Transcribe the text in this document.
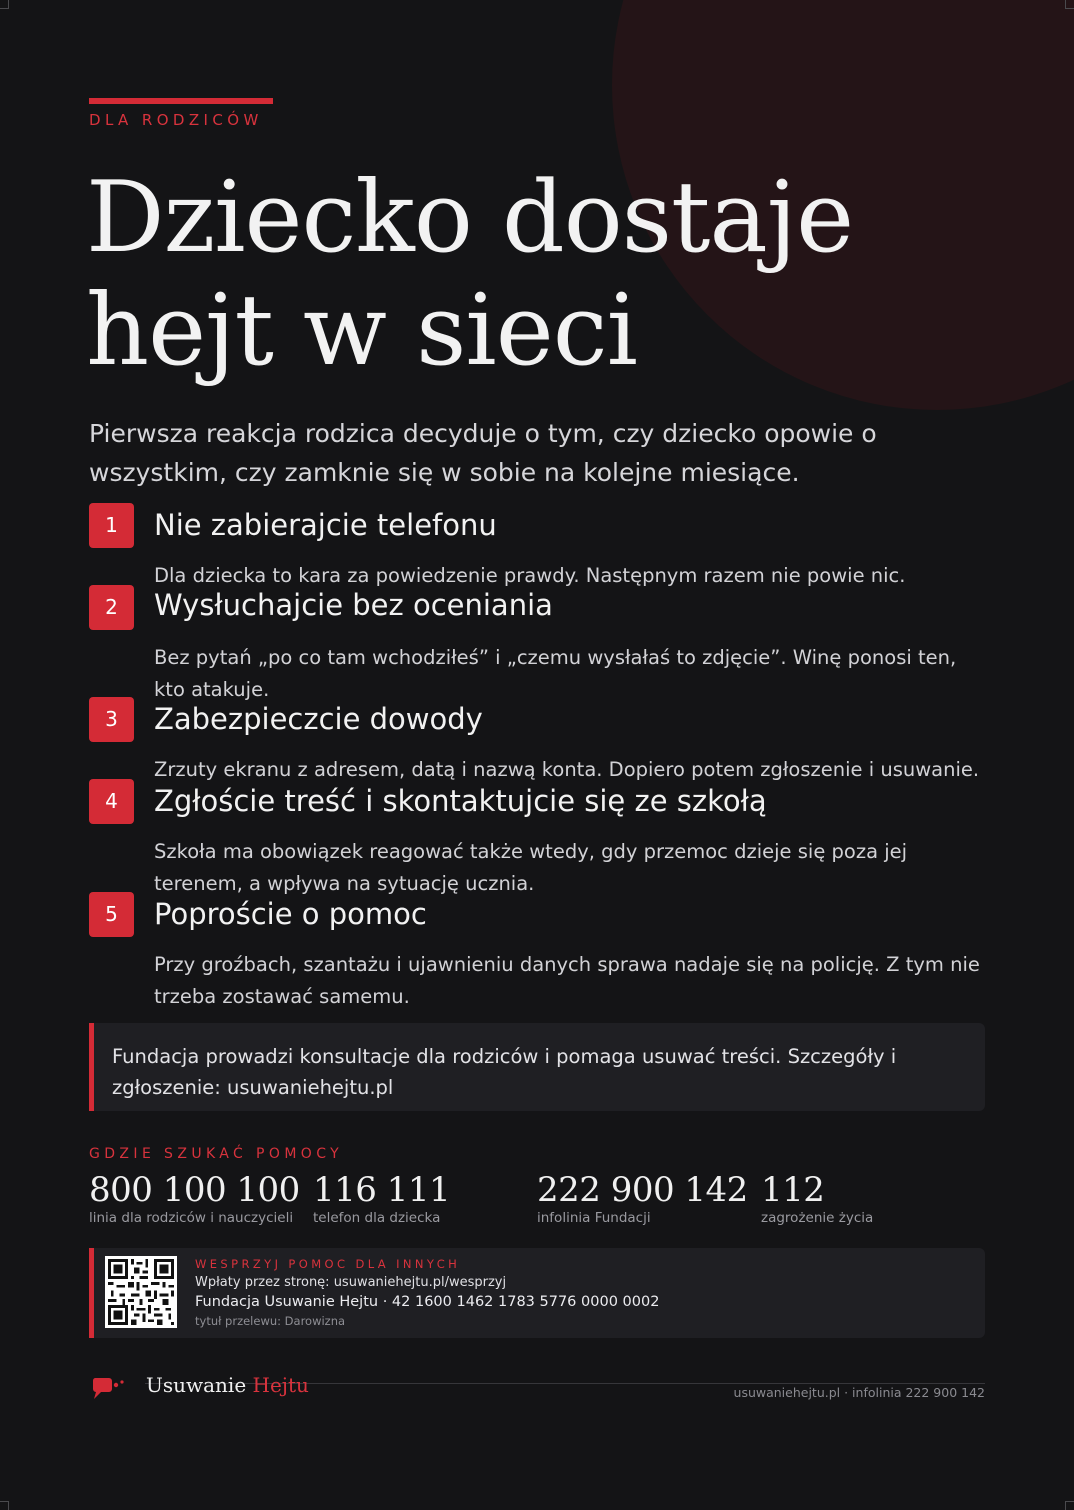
DLA RODZICÓW
Dziecko dostaje
hejt w sieci

Pierwsza reakcja rodzica decyduje o tym, czy dziecko opowie o wszystkim, czy zamknie się w sobie na kolejne miesiące.

1	Nie zabierajcie telefonu

Dla dziecka to kara za powiedzenie prawdy. Następnym razem nie powie nic.

2	Wysłuchajcie bez oceniania

Bez pytań „po co tam wchodziłeś” i „czemu wysłałaś to zdjęcie”. Winę ponosi ten, kto atakuje.

3	Zabezpieczcie dowody

Zrzuty ekranu z adresem, datą i nazwą konta. Dopiero potem zgłoszenie i usuwanie.

4	Zgłoście treść i skontaktujcie się ze szkołą

Szkoła ma obowiązek reagować także wtedy, gdy przemoc dzieje się poza jej terenem, a wpływa na sytuację ucznia.

5	Poproście o pomoc

Przy groźbach, szantażu i ujawnieniu danych sprawa nadaje się na policję. Z tym nie trzeba zostawać samemu.

Fundacja prowadzi konsultacje dla rodziców i pomaga usuwać treści. Szczegóły i zgłoszenie: usuwaniehejtu.pl

GDZIE SZUKAĆ POMOCY
800 100 100
linia dla rodziców i nauczycieli
116 111
telefon dla dziecka
222 900 142
infolinia Fundacji
112
zagrożenie życia
WESPRZYJ POMOC DLA INNYCH
Wpłaty przez stronę: usuwaniehejtu.pl/wesprzyj
Fundacja Usuwanie Hejtu · 42 1600 1462 1783 5776 0000 0002
tytuł przelewu: Darowizna
Usuwanie Hejtu	usuwaniehejtu.pl · infolinia 222 900 142
